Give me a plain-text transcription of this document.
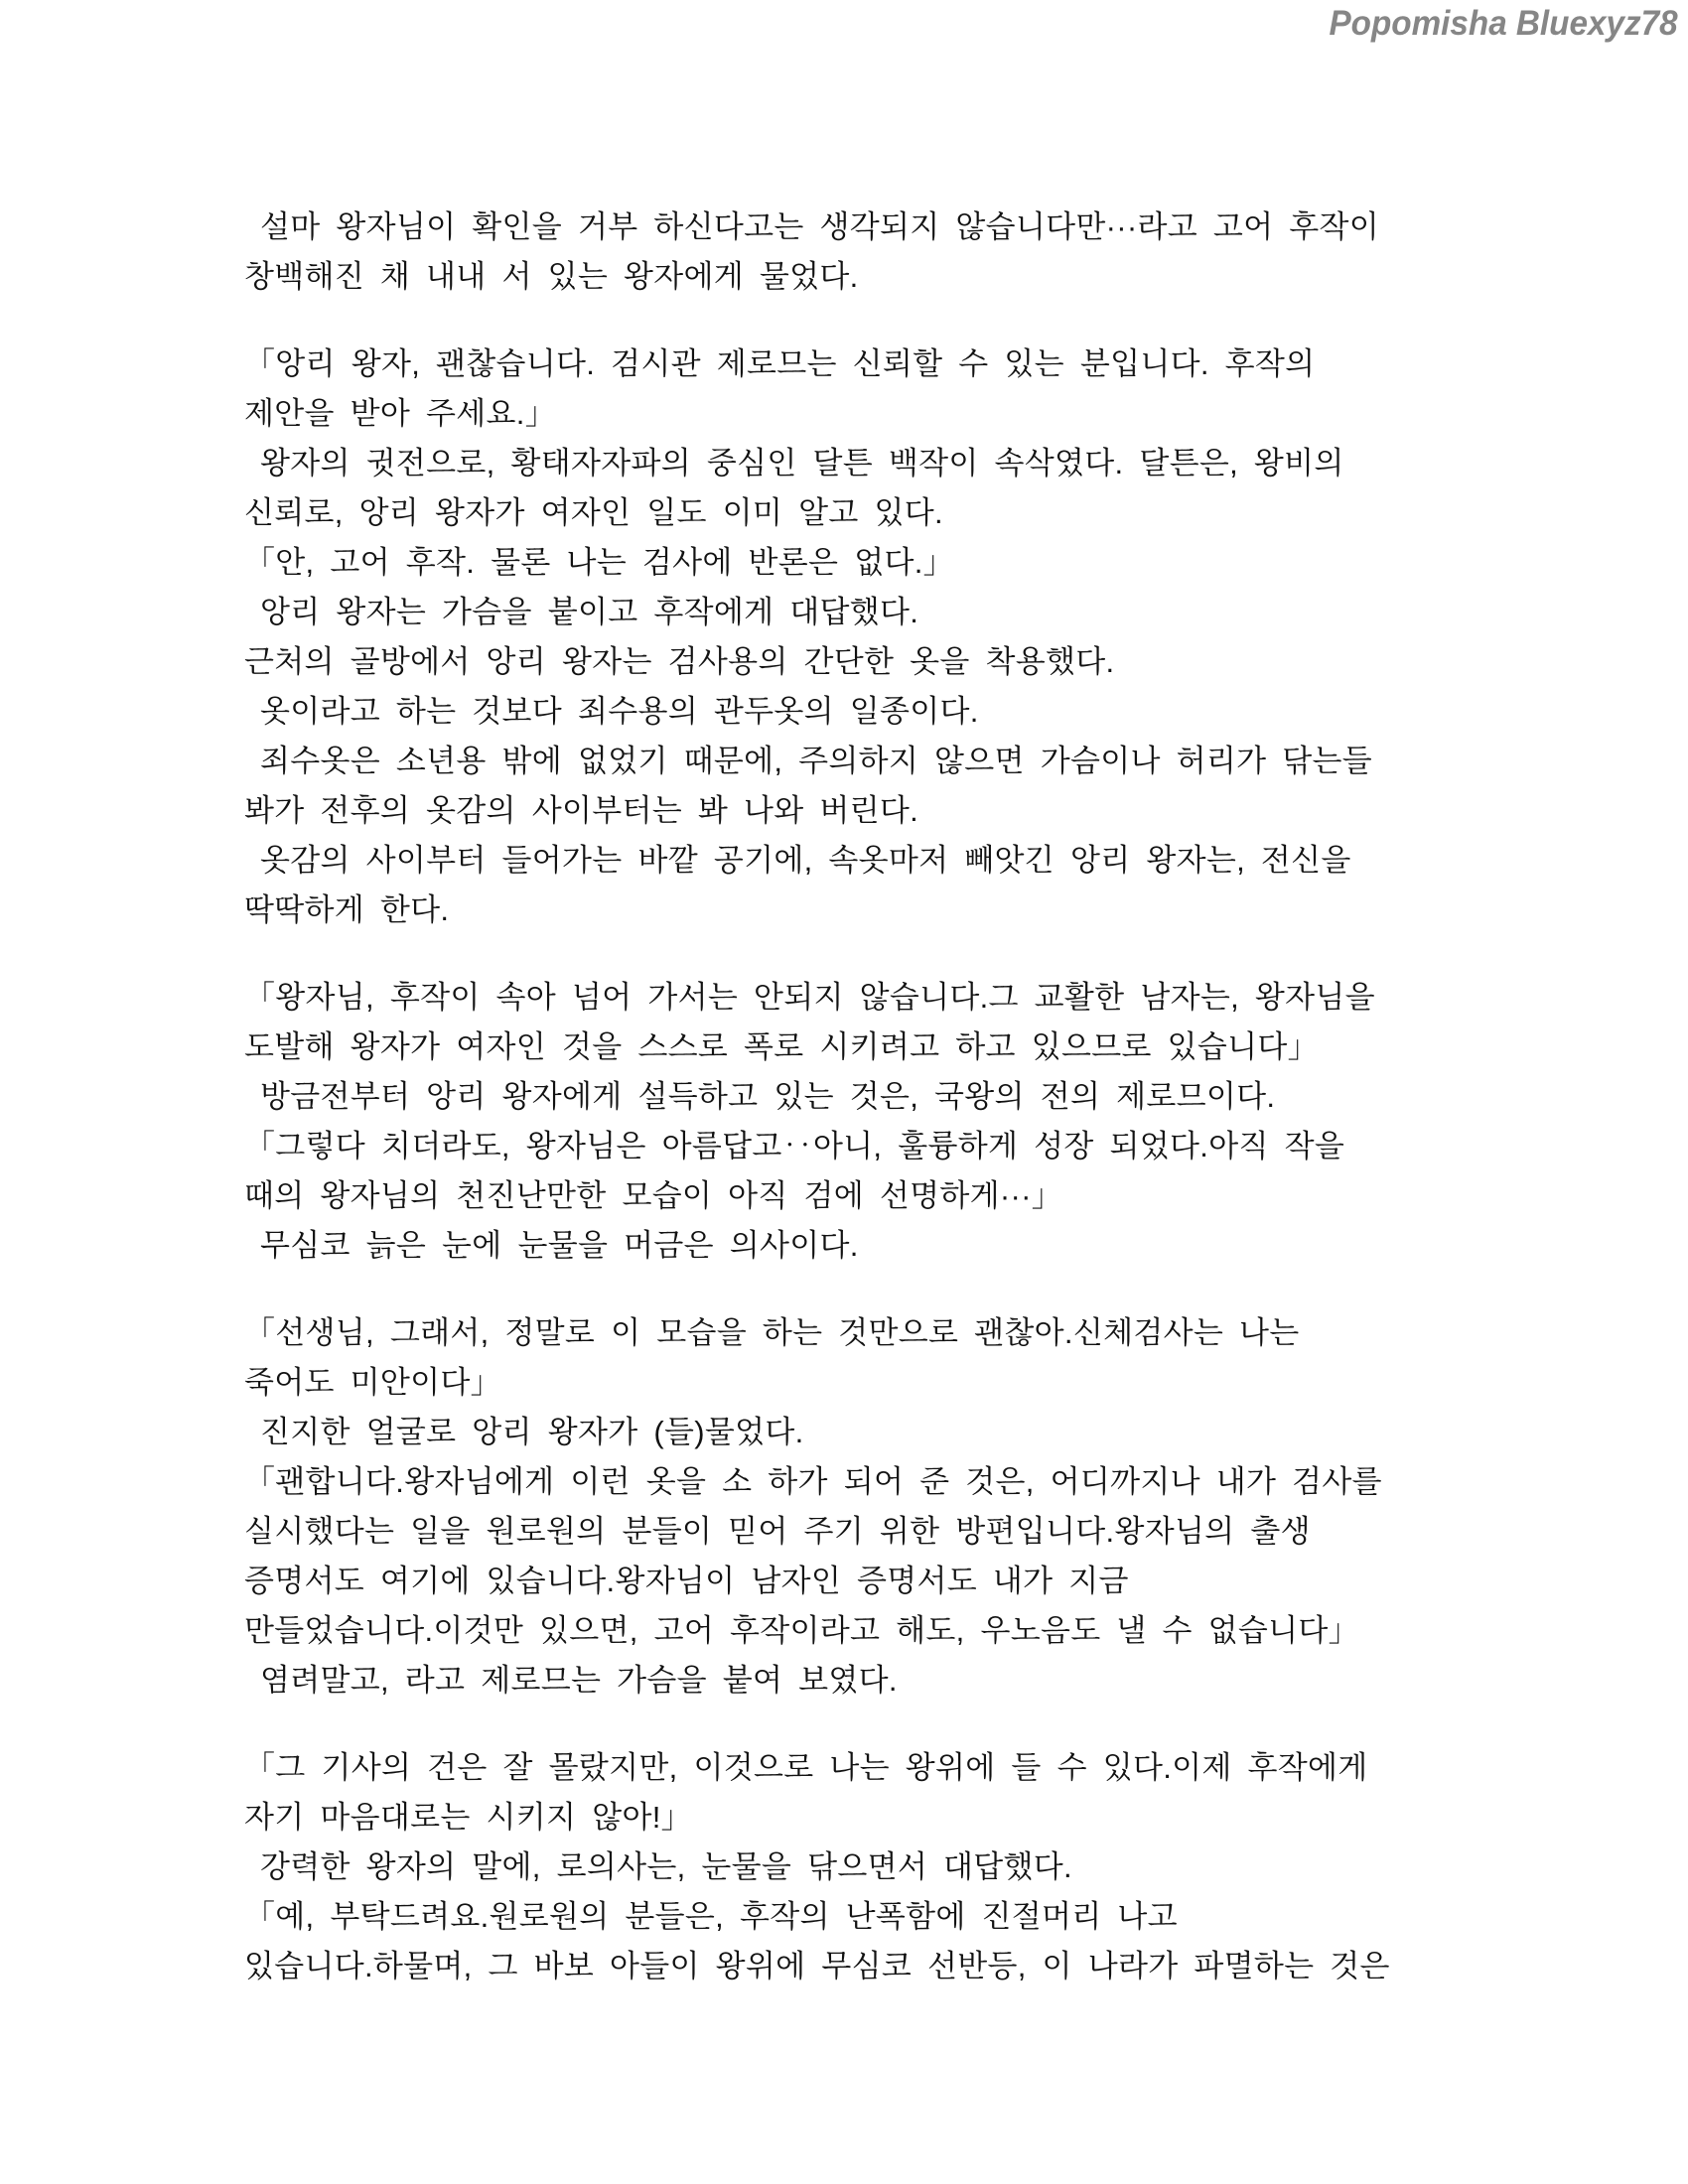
Popomisha Bluexyz78
설마 왕자님이 확인을 거부 하신다고는 생각되지 않습니다만···라고 고어 후작이
창백해진 채 내내 서 있는 왕자에게 물었다.
「앙리 왕자, 괜찮습니다. 검시관 제로므는 신뢰할 수 있는 분입니다. 후작의
제안을 받아 주세요.」
왕자의 귓전으로, 황태자자파의 중심인 달튼 백작이 속삭였다. 달튼은, 왕비의
신뢰로, 앙리 왕자가 여자인 일도 이미 알고 있다.
「안, 고어 후작. 물론 나는 검사에 반론은 없다.」
앙리 왕자는 가슴을 붙이고 후작에게 대답했다.
근처의 골방에서 앙리 왕자는 검사용의 간단한 옷을 착용했다.
옷이라고 하는 것보다 죄수용의 관두옷의 일종이다.
죄수옷은 소년용 밖에 없었기 때문에, 주의하지 않으면 가슴이나 허리가 닦는들
봐가 전후의 옷감의 사이부터는 봐 나와 버린다.
옷감의 사이부터 들어가는 바깥 공기에, 속옷마저 빼앗긴 앙리 왕자는, 전신을
딱딱하게 한다.
「왕자님, 후작이 속아 넘어 가서는 안되지 않습니다.그 교활한 남자는, 왕자님을
도발해 왕자가 여자인 것을 스스로 폭로 시키려고 하고 있으므로 있습니다」
방금전부터 앙리 왕자에게 설득하고 있는 것은, 국왕의 전의 제로므이다.
「그렇다 치더라도, 왕자님은 아름답고‥아니, 훌륭하게 성장 되었다.아직 작을
때의 왕자님의 천진난만한 모습이 아직 검에 선명하게···」
무심코 늙은 눈에 눈물을 머금은 의사이다.
「선생님, 그래서, 정말로 이 모습을 하는 것만으로 괜찮아.신체검사는 나는
죽어도 미안이다」
진지한 얼굴로 앙리 왕자가 (들)물었다.
「괜합니다.왕자님에게 이런 옷을 소 하가 되어 준 것은, 어디까지나 내가 검사를
실시했다는 일을 원로원의 분들이 믿어 주기 위한 방편입니다.왕자님의 출생
증명서도 여기에 있습니다.왕자님이 남자인 증명서도 내가 지금
만들었습니다.이것만 있으면, 고어 후작이라고 해도, 우노음도 낼 수 없습니다」
염려말고, 라고 제로므는 가슴을 붙여 보였다.
「그 기사의 건은 잘 몰랐지만, 이것으로 나는 왕위에 들 수 있다.이제 후작에게
자기 마음대로는 시키지 않아!」
강력한 왕자의 말에, 로의사는, 눈물을 닦으면서 대답했다.
「예, 부탁드려요.원로원의 분들은, 후작의 난폭함에 진절머리 나고
있습니다.하물며, 그 바보 아들이 왕위에 무심코 선반등, 이 나라가 파멸하는 것은
